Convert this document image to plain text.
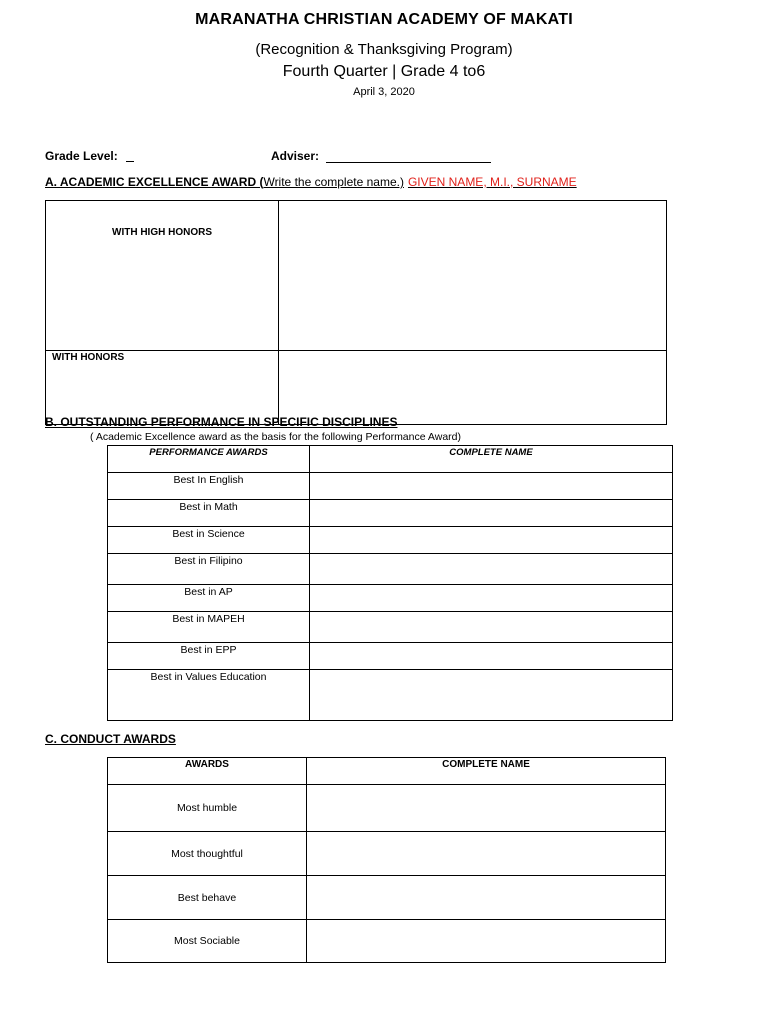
MARANATHA CHRISTIAN ACADEMY OF MAKATI
(Recognition & Thanksgiving Program)
Fourth Quarter | Grade 4 to6
April 3, 2020
Grade Level:	Adviser:
A. ACADEMIC EXCELLENCE AWARD (Write the complete name.) GIVEN NAME, M.I., SURNAME
WITH HIGH HONORS	
WITH HONORS	
B. OUTSTANDING PERFORMANCE IN SPECIFIC DISCIPLINES
( Academic Excellence award as the basis for the following Performance Award)
PERFORMANCE AWARDS	COMPLETE NAME
Best In English	
Best in Math	
Best in Science	
Best in Filipino	
Best in AP	
Best in MAPEH	
Best in EPP	
Best in Values Education	
C. CONDUCT AWARDS
AWARDS	COMPLETE NAME
Most humble	
Most thoughtful	
Best behave	
Most Sociable	
